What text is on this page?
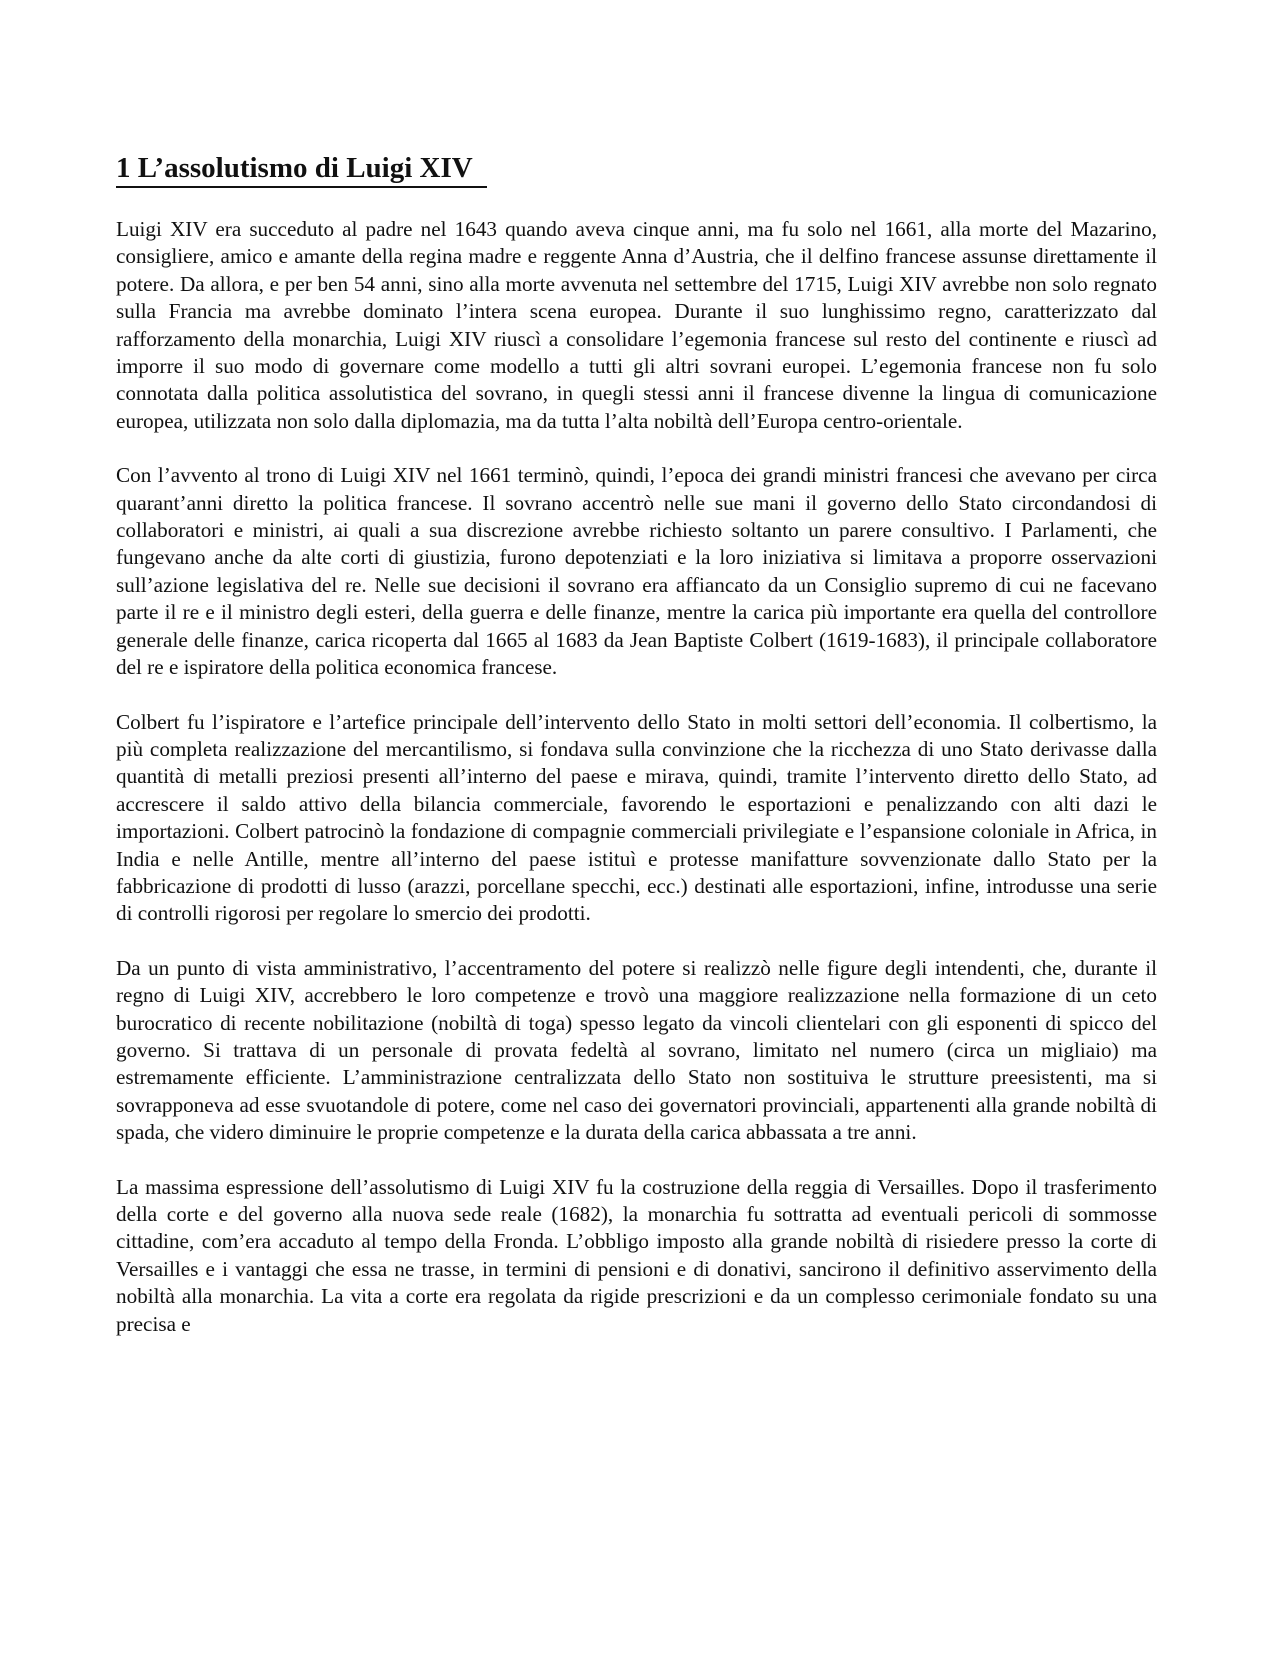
1 L’assolutismo di Luigi XIV

Luigi XIV era succeduto al padre nel 1643 quando aveva cinque anni, ma fu solo nel 1661, alla morte del Mazarino, consigliere, amico e amante della regina madre e reggente Anna d’Austria, che il delfino francese assunse direttamente il potere. Da allora, e per ben 54 anni, sino alla morte avvenuta nel settembre del 1715, Luigi XIV avrebbe non solo regnato sulla Francia ma avrebbe dominato l’intera scena europea. Durante il suo lunghissimo regno, caratterizzato dal rafforzamento della monarchia, Luigi XIV riuscì a consolidare l’egemonia francese sul resto del continente e riuscì ad imporre il suo modo di governare come modello a tutti gli altri sovrani europei. L’egemonia francese non fu solo connotata dalla politica assolutistica del sovrano, in quegli stessi anni il francese divenne la lingua di comunicazione europea, utilizzata non solo dalla diplomazia, ma da tutta l’alta nobiltà dell’Europa centro-orientale.

Con l’avvento al trono di Luigi XIV nel 1661 terminò, quindi, l’epoca dei grandi ministri francesi che avevano per circa quarant’anni diretto la politica francese. Il sovrano accentrò nelle sue mani il governo dello Stato circondandosi di collaboratori e ministri, ai quali a sua discrezione avrebbe richiesto soltanto un parere consultivo. I Parlamenti, che fungevano anche da alte corti di giustizia, furono depotenziati e la loro iniziativa si limitava a proporre osservazioni sull’azione legislativa del re. Nelle sue decisioni il sovrano era affiancato da un Consiglio supremo di cui ne facevano parte il re e il ministro degli esteri, della guerra e delle finanze, mentre la carica più importante era quella del controllore generale delle finanze, carica ricoperta dal 1665 al 1683 da Jean Baptiste Colbert (1619-1683), il principale collaboratore del re e ispiratore della politica economica francese.

Colbert fu l’ispiratore e l’artefice principale dell’intervento dello Stato in molti settori dell’economia. Il colbertismo, la più completa realizzazione del mercantilismo, si fondava sulla convinzione che la ricchezza di uno Stato derivasse dalla quantità di metalli preziosi presenti all’interno del paese e mirava, quindi, tramite l’intervento diretto dello Stato, ad accrescere il saldo attivo della bilancia commerciale, favorendo le esportazioni e penalizzando con alti dazi le importazioni. Colbert patrocinò la fondazione di compagnie commerciali privilegiate e l’espansione coloniale in Africa, in India e nelle Antille, mentre all’interno del paese istituì e protesse manifatture sovvenzionate dallo Stato per la fabbricazione di prodotti di lusso (arazzi, porcellane specchi, ecc.) destinati alle esportazioni, infine, introdusse una serie di controlli rigorosi per regolare lo smercio dei prodotti.

Da un punto di vista amministrativo, l’accentramento del potere si realizzò nelle figure degli intendenti, che, durante il regno di Luigi XIV, accrebbero le loro competenze e trovò una maggiore realizzazione nella formazione di un ceto burocratico di recente nobilitazione (nobiltà di toga) spesso legato da vincoli clientelari con gli esponenti di spicco del governo. Si trattava di un personale di provata fedeltà al sovrano, limitato nel numero (circa un migliaio) ma estremamente efficiente. L’amministrazione centralizzata dello Stato non sostituiva le strutture preesistenti, ma si sovrapponeva ad esse svuotandole di potere, come nel caso dei governatori provinciali, appartenenti alla grande nobiltà di spada, che videro diminuire le proprie competenze e la durata della carica abbassata a tre anni.

La massima espressione dell’assolutismo di Luigi XIV fu la costruzione della reggia di Versailles. Dopo il trasferimento della corte e del governo alla nuova sede reale (1682), la monarchia fu sottratta ad eventuali pericoli di sommosse cittadine, com’era accaduto al tempo della Fronda. L’obbligo imposto alla grande nobiltà di risiedere presso la corte di Versailles e i vantaggi che essa ne trasse, in termini di pensioni e di donativi, sancirono il definitivo asservimento della nobiltà alla monarchia. La vita a corte era regolata da rigide prescrizioni e da un complesso cerimoniale fondato su una precisa e
